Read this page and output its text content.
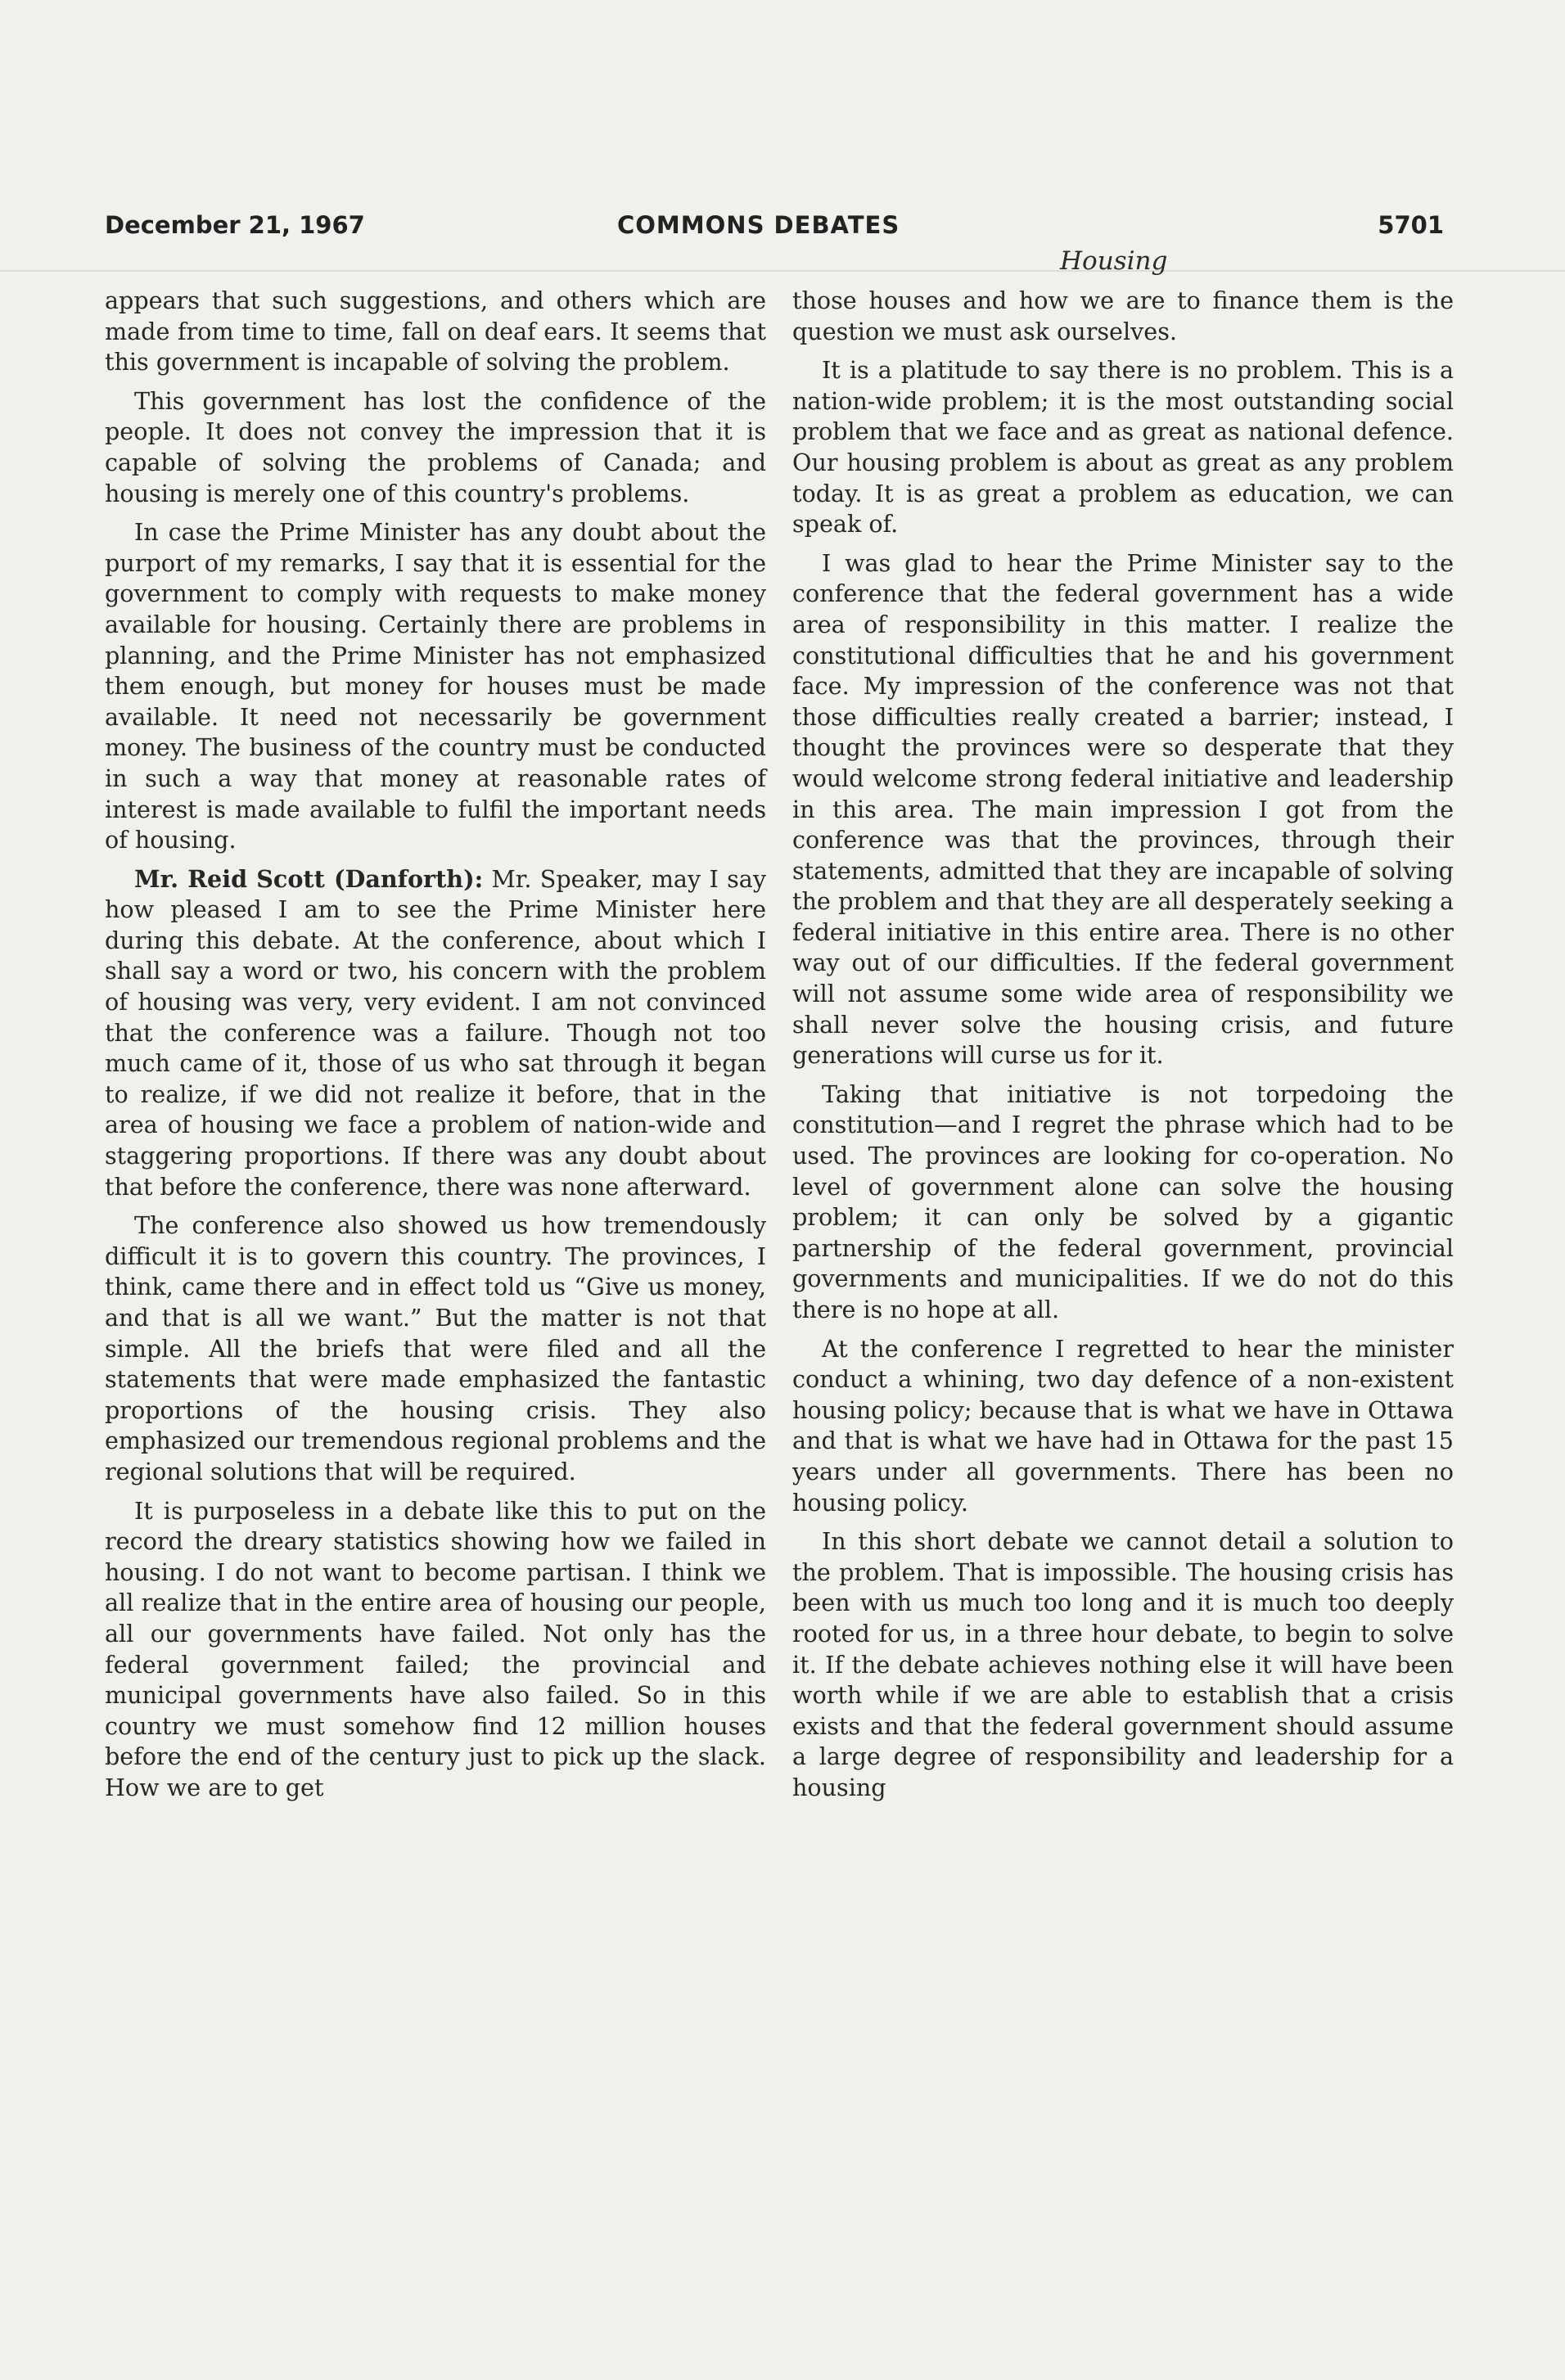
December 21, 1967	COMMONS DEBATES	5701
Housing

appears that such suggestions, and others which are made from time to time, fall on deaf ears. It seems that this government is incapable of solving the problem.

This government has lost the confidence of the people. It does not convey the impression that it is capable of solving the problems of Canada; and housing is merely one of this country's problems.

In case the Prime Minister has any doubt about the purport of my remarks, I say that it is essential for the government to comply with requests to make money available for housing. Certainly there are problems in planning, and the Prime Minister has not emphasized them enough, but money for houses must be made available. It need not necessarily be government money. The business of the country must be conducted in such a way that money at reasonable rates of interest is made available to fulfil the important needs of housing.

Mr. Reid Scott (Danforth): Mr. Speaker, may I say how pleased I am to see the Prime Minister here during this debate. At the conference, about which I shall say a word or two, his concern with the problem of housing was very, very evident. I am not convinced that the conference was a failure. Though not too much came of it, those of us who sat through it began to realize, if we did not realize it before, that in the area of housing we face a problem of nation-wide and staggering proportions. If there was any doubt about that before the conference, there was none afterward.

The conference also showed us how tremendously difficult it is to govern this country. The provinces, I think, came there and in effect told us “Give us money, and that is all we want.” But the matter is not that simple. All the briefs that were filed and all the statements that were made emphasized the fantastic proportions of the housing crisis. They also emphasized our tremendous regional problems and the regional solutions that will be required.

It is purposeless in a debate like this to put on the record the dreary statistics showing how we failed in housing. I do not want to become partisan. I think we all realize that in the entire area of housing our people, all our governments have failed. Not only has the federal government failed; the provincial and municipal governments have also failed. So in this country we must somehow find 12 million houses before the end of the century just to pick up the slack. How we are to get

those houses and how we are to finance them is the question we must ask ourselves.

It is a platitude to say there is no problem. This is a nation-wide problem; it is the most outstanding social problem that we face and as great as national defence. Our housing problem is about as great as any problem today. It is as great a problem as education, we can speak of.

I was glad to hear the Prime Minister say to the conference that the federal government has a wide area of responsibility in this matter. I realize the constitutional difficulties that he and his government face. My impression of the conference was not that those difficulties really created a barrier; instead, I thought the provinces were so desperate that they would welcome strong federal initiative and leadership in this area. The main impression I got from the conference was that the provinces, through their statements, admitted that they are incapable of solving the problem and that they are all desperately seeking a federal initiative in this entire area. There is no other way out of our difficulties. If the federal government will not assume some wide area of responsibility we shall never solve the housing crisis, and future generations will curse us for it.

Taking that initiative is not torpedoing the constitution—and I regret the phrase which had to be used. The provinces are looking for co-operation. No level of government alone can solve the housing problem; it can only be solved by a gigantic partnership of the federal government, provincial governments and municipalities. If we do not do this there is no hope at all.

At the conference I regretted to hear the minister conduct a whining, two day defence of a non-existent housing policy; because that is what we have in Ottawa and that is what we have had in Ottawa for the past 15 years under all governments. There has been no housing policy.

In this short debate we cannot detail a solution to the problem. That is impossible. The housing crisis has been with us much too long and it is much too deeply rooted for us, in a three hour debate, to begin to solve it. If the debate achieves nothing else it will have been worth while if we are able to establish that a crisis exists and that the federal government should assume a large degree of responsibility and leadership for a housing
